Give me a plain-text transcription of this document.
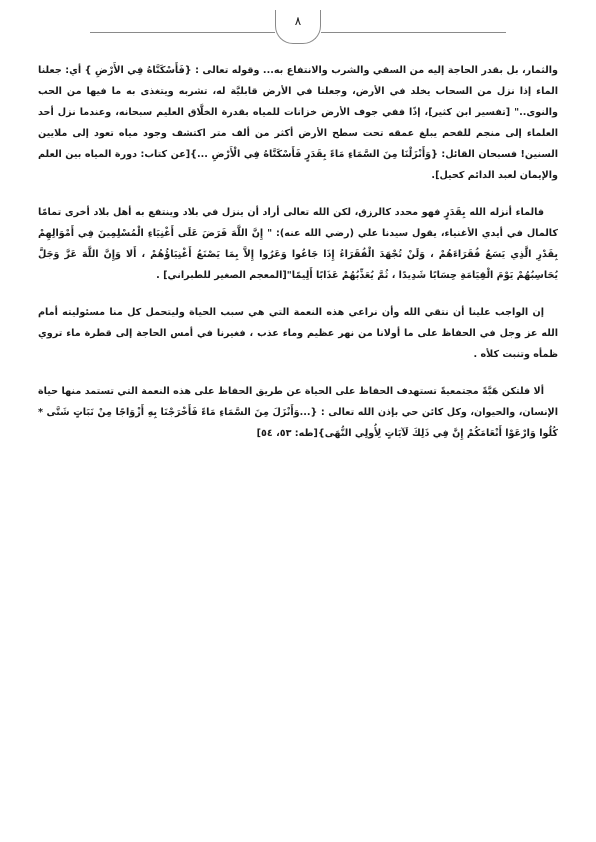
٨

والثمار، بل بقدر الحاجة إليه من السقي والشرب والانتفاع به... وقوله تعالى : {فَأَسْكَنَّاهُ فِي الأَرْضِ } أي: جعلنا الماء إذا نزل من السحاب يخلد في الأرض، وجعلنا في الأرض قابليَّة له، تشربه ويتغذى به ما فيها من الحب والنوى.." [تفسير ابن كثير]، إذًا ففي جوف الأرض خزانات للمياه بقدرة الخلَّاق العليم سبحانه، وعندما نزل أحد العلماء إلى منجم للفحم يبلغ عمقه تحت سطح الأرض أكثر من ألف متر اكتشف وجود مياه تعود إلى ملايين السنين! فسبحان القائل: {وَأَنْزَلْنَا مِنَ السَّمَاءِ مَاءً بِقَدَرٍ فَأَسْكَنَّاهُ فِي الْأَرْضِ ...}[عن كتاب: دورة المياه بين العلم والإيمان لعبد الدائم كحيل].

فالماء أنزله الله بِقَدَرٍ فهو محدد كالرزق، لكن الله تعالى أراد أن ينزل في بلاد وينتفع به أهل بلاد أخرى تمامًا كالمال في أيدي الأغنياء، يقول سيدنا علي (رضي الله عنه): " إِنَّ اللَّهَ فَرَضَ عَلَى أَغْنِيَاءِ الْمُسْلِمِينَ فِي أَمْوَالِهِمْ بِقَدْرِ الَّذِي يَسَعُ فُقَرَاءَهُمْ ، وَلَنْ تُجْهَدَ الْفُقَرَاءُ إِذَا جَاعُوا وَعَرُوا إِلاَّ بِمَا يَصْنَعُ أَغْنِيَاؤُهُمْ ، أَلا وَإِنَّ اللَّهَ عَزَّ وَجَلَّ يُحَاسِبُهُمْ يَوْمَ الْقِيَامَةِ حِسَابًا شَدِيدًا ، ثُمَّ يُعَذِّبُهُمْ عَذَابًا أَلِيمًا"[المعجم الصغير للطبراني] .

إن الواجب علينا أن نتقي الله وأن نراعي هذه النعمة التي هي سبب الحياة وليتحمل كل منا مسئوليته أمام الله عز وجل في الحفاظ على ما أولانا من نهر عظيم وماء عذب ، فغيرنا في أمس الحاجة إلى قطرة ماء تروي ظمأه وتنبت كلأه .

ألا فلتكن هَبَّةً مجتمعيةً تستهدف الحفاظ على الحياة عن طريق الحفاظ على هذه النعمة التي تستمد منها حياة الإنسان، والحيوان، وكل كائن حي بإذن الله تعالى : {...وَأَنْزَلَ مِنَ السَّمَاءِ مَاءً فَأَخْرَجْنَا بِهِ أَزْوَاجًا مِنْ نَبَاتٍ شَتَّى * كُلُوا وَارْعَوْا أَنْعَامَكُمْ إِنَّ فِي ذَلِكَ لَآيَاتٍ لِأُولِي النُّهَى}[طه: ٥٣، ٥٤]
